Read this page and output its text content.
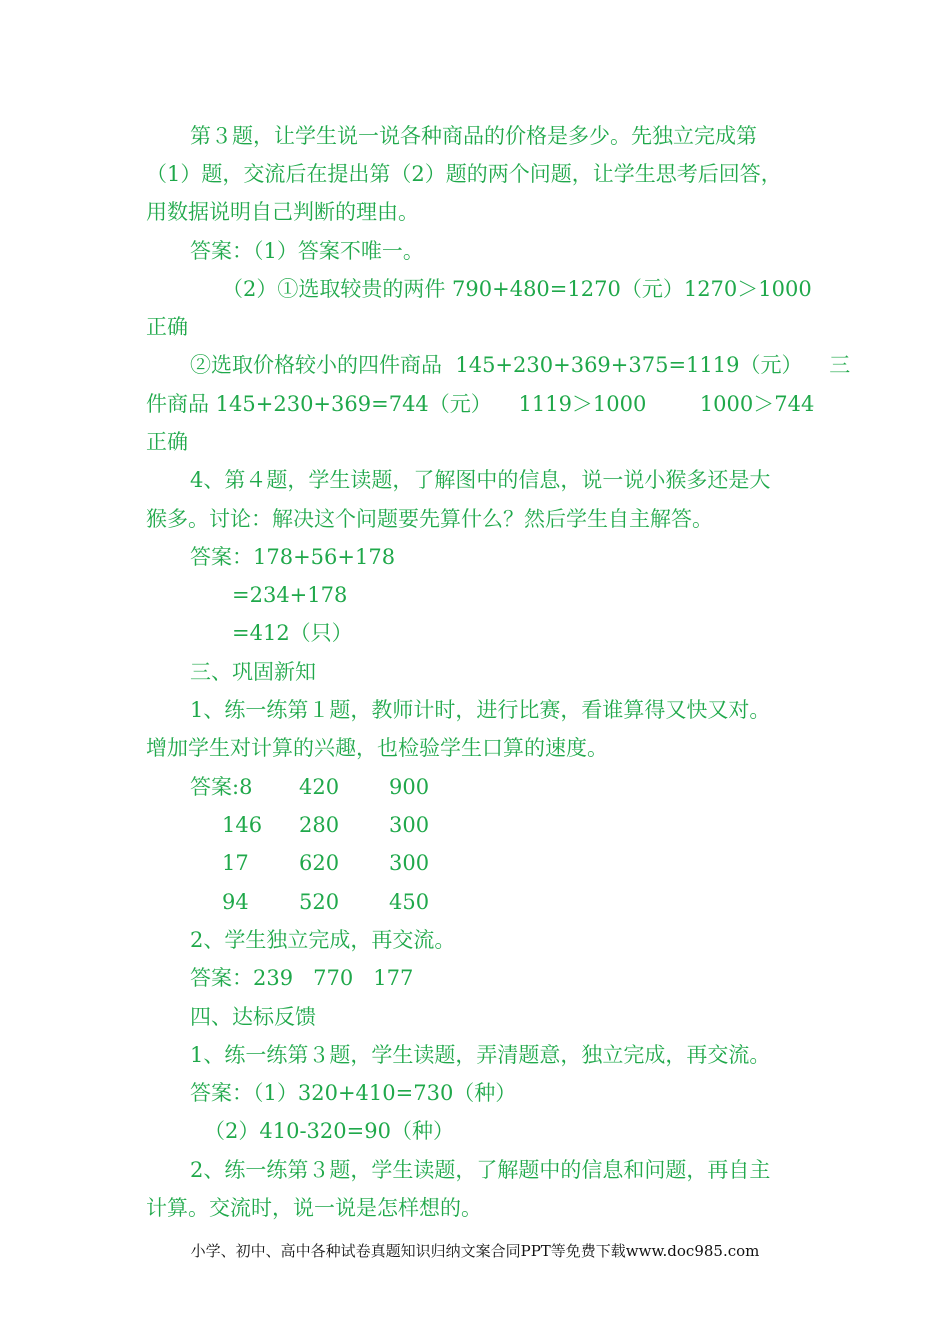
第３题，让学生说一说各种商品的价格是多少。先独立完成第
（1）题，交流后在提出第（2）题的两个问题，让学生思考后回答，
用数据说明自己判断的理由。
答案：（1）答案不唯一。
（2）①选取较贵的两件 790+480=1270（元）1270＞1000
正确
②选取价格较小的四件商品  145+230+369+375=1119（元）    三
件商品 145+230+369=744（元）    1119＞1000        1000＞744
正确
4、第４题，学生读题，了解图中的信息，说一说小猴多还是大
猴多。讨论：解决这个问题要先算什么？然后学生自主解答。
答案：178+56+178
=234+178
=412（只）
三、巩固新知
1、练一练第１题，教师计时，进行比赛，看谁算得又快又对。
增加学生对计算的兴趣，也检验学生口算的速度。
答案:8 420 900
146 280 300
17 620 300
94 520 450
2、学生独立完成，再交流。
答案：239   770   177
四、达标反馈
1、练一练第３题，学生读题，弄清题意，独立完成，再交流。
答案：（1）320+410=730（种）
（2）410-320=90（种）
2、练一练第３题，学生读题，了解题中的信息和问题，再自主
计算。交流时，说一说是怎样想的。
小学、初中、高中各种试卷真题知识归纳文案合同PPT等免费下载www.doc985.com
